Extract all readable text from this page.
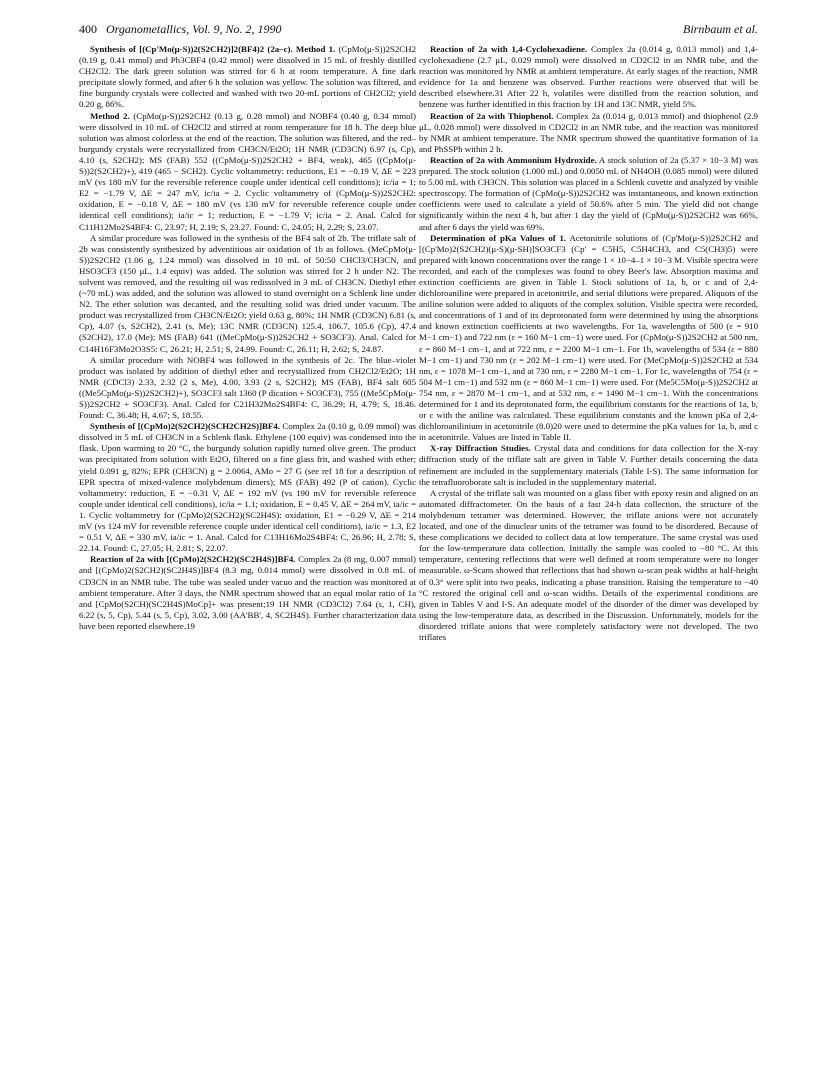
400 Organometallics, Vol. 9, No. 2, 1990	Birnbaum et al.

Synthesis of [(Cp'Mo(μ-S))2(S2CH2)]2(BF4)2 (2a–c). Method 1. (CpMo(μ-S))2S2CH2 (0.19 g, 0.41 mmol) and Ph3CBF4 (0.42 mmol) were dissolved in 15 mL of freshly distilled CH2Cl2. The dark green solution was stirred for 6 h at room temperature. A fine dark precipitate slowly formed, and after 6 h the solution was yellow. The solution was filtered, and fine burgundy crystals were collected and washed with two 20-mL portions of CH2Cl2; yield 0.20 g, 86%.

Method 2. (CpMo(μ-S))2S2CH2 (0.13 g, 0.28 mmol) and NOBF4 (0.40 g, 0.34 mmol) were dissolved in 10 mL of CH2Cl2 and stirred at room temperature for 18 h. The deep blue solution was almost colorless at the end of the reaction. The solution was filtered, and the red–burgundy crystals were recrystallized from CH3CN/Et2O; 1H NMR (CD3CN) 6.97 (s, Cp), 4.10 (s, S2CH2); MS (FAB) 552 ((CpMo(μ-S))2S2CH2 + BF4, weak), 465 ((CpMo(μ-S))2(S2CH2)+), 419 (465 − SCH2). Cyclic voltammetry: reductions, E1 = −0.19 V, ΔE = 223 mV (vs 180 mV for the reversible reference couple under identical cell conditions); ic/ia = 1; E2 = −1.79 V, ΔE = 247 mV, ic/ia = 2. Cyclic voltammetry of (CpMo(μ-S))2S2CH2: oxidation, E = −0.18 V, ΔE = 180 mV (vs 130 mV for reversible reference couple under identical cell conditions); ia/ic = 1; reduction, E = −1.79 V; ic/ia = 2. Anal. Calcd for C11H12Mo2S4BF4: C, 23.97; H, 2.19; S, 23.27. Found: C, 24.05; H, 2.29; S, 23.07.

A similar procedure was followed in the synthesis of the BF4 salt of 2b. The triflate salt of 2b was consistently synthesized by adventitious air oxidation of 1b as follows. (MeCpMo(μ-S))2S2CH2 (1.06 g, 1.24 mmol) was dissolved in 10 mL of 50:50 CHCl3/CH3CN, and HSO3CF3 (150 μL, 1.4 equiv) was added. The solution was stirred for 2 h under N2. The solvent was removed, and the resulting oil was redissolved in 3 mL of CH3CN. Diethyl ether (~70 mL) was added, and the solution was allowed to stand overnight on a Schlenk line under N2. The ether solution was decanted, and the resulting solid was dried under vacuum. The product was recrystallized from CH3CN/Et2O; yield 0.63 g, 80%; 1H NMR (CD3CN) 6.81 (s, Cp), 4.07 (s, S2CH2), 2.41 (s, Me); 13C NMR (CD3CN) 125.4, 106.7, 105.6 (Cp), 47.4 (S2CH2), 17.0 (Me); MS (FAB) 641 ((MeCpMo(μ-S))2S2CH2 + SO3CF3). Anal. Calcd for C14H16F3Mo2O3S5: C, 26.21; H, 2.51; S, 24.99. Found: C, 26.11; H, 2.62; S, 24.87.

A similar procedure with NOBF4 was followed in the synthesis of 2c. The blue–violet product was isolated by addition of diethyl ether and recrystallized from CH2Cl2/Et2O; 1H NMR (CDCl3) 2.33, 2.32 (2 s, Me), 4.00, 3.93 (2 s, S2CH2); MS (FAB), BF4 salt 605 ((Me5CpMo(μ-S))2S2CH2)+), SO3CF3 salt 1360 (P dication + SO3CF3), 755 ((Me5CpMo(μ-S))2S2CH2 + SO3CF3). Anal. Calcd for C21H32Mo2S4BF4: C, 36.29; H, 4.79; S, 18.46. Found: C, 36.48; H, 4.67; S, 18.55.

Synthesis of [(CpMo)2(S2CH2)(SCH2CH2S)]BF4. Complex 2a (0.10 g, 0.09 mmol) was dissolved in 5 mL of CH3CN in a Schlenk flask. Ethylene (100 equiv) was condensed into the flask. Upon warming to 20 °C, the burgundy solution rapidly turned olive green. The product was precipitated from solution with Et2O, filtered on a fine glass frit, and washed with ether; yield 0.091 g, 82%; EPR (CH3CN) g = 2.0064, AMo = 27 G (see ref 18 for a description of EPR spectra of mixed-valence molybdenum dimers); MS (FAB) 492 (P of cation). Cyclic voltammetry: reduction, E = −0.31 V, ΔE = 192 mV (vs 190 mV for reversible reference couple under identical cell conditions), ic/ia = 1.1; oxidation, E = 0.45 V, ΔE = 264 mV, ia/ic = 1. Cyclic voltammetry for (CpMo)2(S2CH2)(SC2H4S): oxidation, E1 = −0.29 V, ΔE = 214 mV (vs 124 mV for reversible reference couple under identical cell conditions), ia/ic = 1.3, E2 = 0.51 V, ΔE = 330 mV, ia/ic = 1. Anal. Calcd for C13H16Mo2S4BF4: C, 26.96; H, 2.78; S, 22.14. Found: C, 27.05; H, 2.81; S, 22.07.

Reaction of 2a with [(CpMo)2(S2CH2)(SC2H4S)]BF4. Complex 2a (8 mg, 0.007 mmol) and [(CpMo)2(S2CH2)(SC2H4S)]BF4 (8.3 mg, 0.014 mmol) were dissolved in 0.8 mL of CD3CN in an NMR tube. The tube was sealed under vacuo and the reaction was monitored at ambient temperature. After 3 days, the NMR spectrum showed that an equal molar ratio of 1a and [CpMo(S2CH)(SC2H4S)MoCp]+ was present;19 1H NMR (CD3Cl2) 7.64 (s, 1, CH), 6.22 (s, 5, Cp), 5.44 (s, 5, Cp), 3.02, 3.00 (AA'BB', 4, SC2H4S). Further characterization data have been reported elsewhere.19

Reaction of 2a with 1,4-Cyclohexadiene. Complex 2a (0.014 g, 0.013 mmol) and 1,4-cyclohexadiene (2.7 μL, 0.029 mmol) were dissolved in CD2Cl2 in an NMR tube, and the reaction was monitored by NMR at ambient temperature. At early stages of the reaction, NMR evidence for 1a and benzene was observed. Further reactions were observed that will be described elsewhere.31 After 22 h, volatiles were distilled from the reaction solution, and benzene was further identified in this fraction by 1H and 13C NMR, yield 5%.

Reaction of 2a with Thiophenol. Complex 2a (0.014 g, 0.013 mmol) and thiophenol (2.9 μL, 0.028 mmol) were dissolved in CD2Cl2 in an NMR tube, and the reaction was monitored by NMR at ambient temperature. The NMR spectrum showed the quantitative formation of 1a and PhSSPh within 2 h.

Reaction of 2a with Ammonium Hydroxide. A stock solution of 2a (5.37 × 10−3 M) was prepared. The stock solution (1.000 mL) and 0.0050 mL of NH4OH (0.085 mmol) were diluted to 5.00 mL with CH3CN. This solution was placed in a Schlenk cuvette and analyzed by visible spectroscopy. The formation of (CpMo(μ-S))2S2CH2 was instantaneous, and known extinction coefficients were used to calculate a yield of 50.6% after 5 min. The yield did not change significantly within the next 4 h, but after 1 day the yield of (CpMo(μ-S))2S2CH2 was 66%, and after 6 days the yield was 69%.

Determination of pKa Values of 1. Acetonitrile solutions of (Cp'Mo(μ-S))2S2CH2 and [(Cp'Mo)2(S2CH2)(μ-S)(μ-SH)]SO3CF3 (Cp' = C5H5, C5H4CH3, and C5(CH3)5) were prepared with known concentrations over the range 1 × 10−4–1 × 10−3 M. Visible spectra were recorded, and each of the complexes was found to obey Beer's law. Absorption maxima and extinction coefficients are given in Table I. Stock solutions of 1a, b, or c and of 2,4-dichloroaniline were prepared in acetonitrile, and serial dilutions were prepared. Aliquots of the aniline solution were added to aliquots of the complex solution. Visible spectra were recorded, and concentrations of 1 and of its deprotonated form were determined by using the absorptions and known extinction coefficients at two wavelengths. For 1a, wavelengths of 500 (ε = 910 M−1 cm−1) and 722 nm (ε = 160 M−1 cm−1) were used. For (CpMo(μ-S))2S2CH2 at 500 nm, ε = 860 M−1 cm−1, and at 722 nm, ε = 2200 M−1 cm−1. For 1b, wavelengths of 534 (ε = 880 M−1 cm−1) and 730 nm (ε = 202 M−1 cm−1) were used. For (MeCpMo(μ-S))2S2CH2 at 534 nm, ε = 1078 M−1 cm−1, and at 730 nm, ε = 2280 M−1 cm−1. For 1c, wavelengths of 754 (ε = 504 M−1 cm−1) and 532 nm (ε = 860 M−1 cm−1) were used. For (Me5C5Mo(μ-S))2S2CH2 at 754 nm, ε = 2870 M−1 cm−1, and at 532 nm, ε = 1490 M−1 cm−1. With the concentrations determined for 1 and its deprotonated form, the equilibrium constants for the reactions of 1a, b, or c with the aniline was calculated. These equilibrium constants and the known pKa of 2,4-dichloroanilinium in acetonitrile (8.0)20 were used to determine the pKa values for 1a, b, and c in acetonitrile. Values are listed in Table II.

X-ray Diffraction Studies. Crystal data and conditions for data collection for the X-ray diffraction study of the triflate salt are given in Table V. Further details concerning the data refinement are included in the supplementary materials (Table I-S). The same information for the tetrafluoroborate salt is included in the supplementary material.

A crystal of the triflate salt was mounted on a glass fiber with epoxy resin and aligned on an automated diffractometer. On the basis of a fast 24-h data collection, the structure of the molybdenum tetramer was determined. However, the triflate anions were not accurately located, and one of the dinuclear units of the tetramer was found to be disordered. Because of these complications we decided to collect data at low temperature. The same crystal was used for the low-temperature data collection. Initially the sample was cooled to −80 °C. At this temperature, centering reflections that were well defined at room temperature were no longer measurable. ω-Scans showed that reflections that had shown ω-scan peak widths at half-height of 0.3° were split into two peaks, indicating a phase transition. Raising the temperature to −40 °C restored the original cell and ω-scan widths. Details of the experimental conditions are given in Tables V and I-S. An adequate model of the disorder of the dimer was developed by using the low-temperature data, as described in the Discussion. Unfortunately, models for the disordered triflate anions that were completely satisfactory were not developed. The two triflates
